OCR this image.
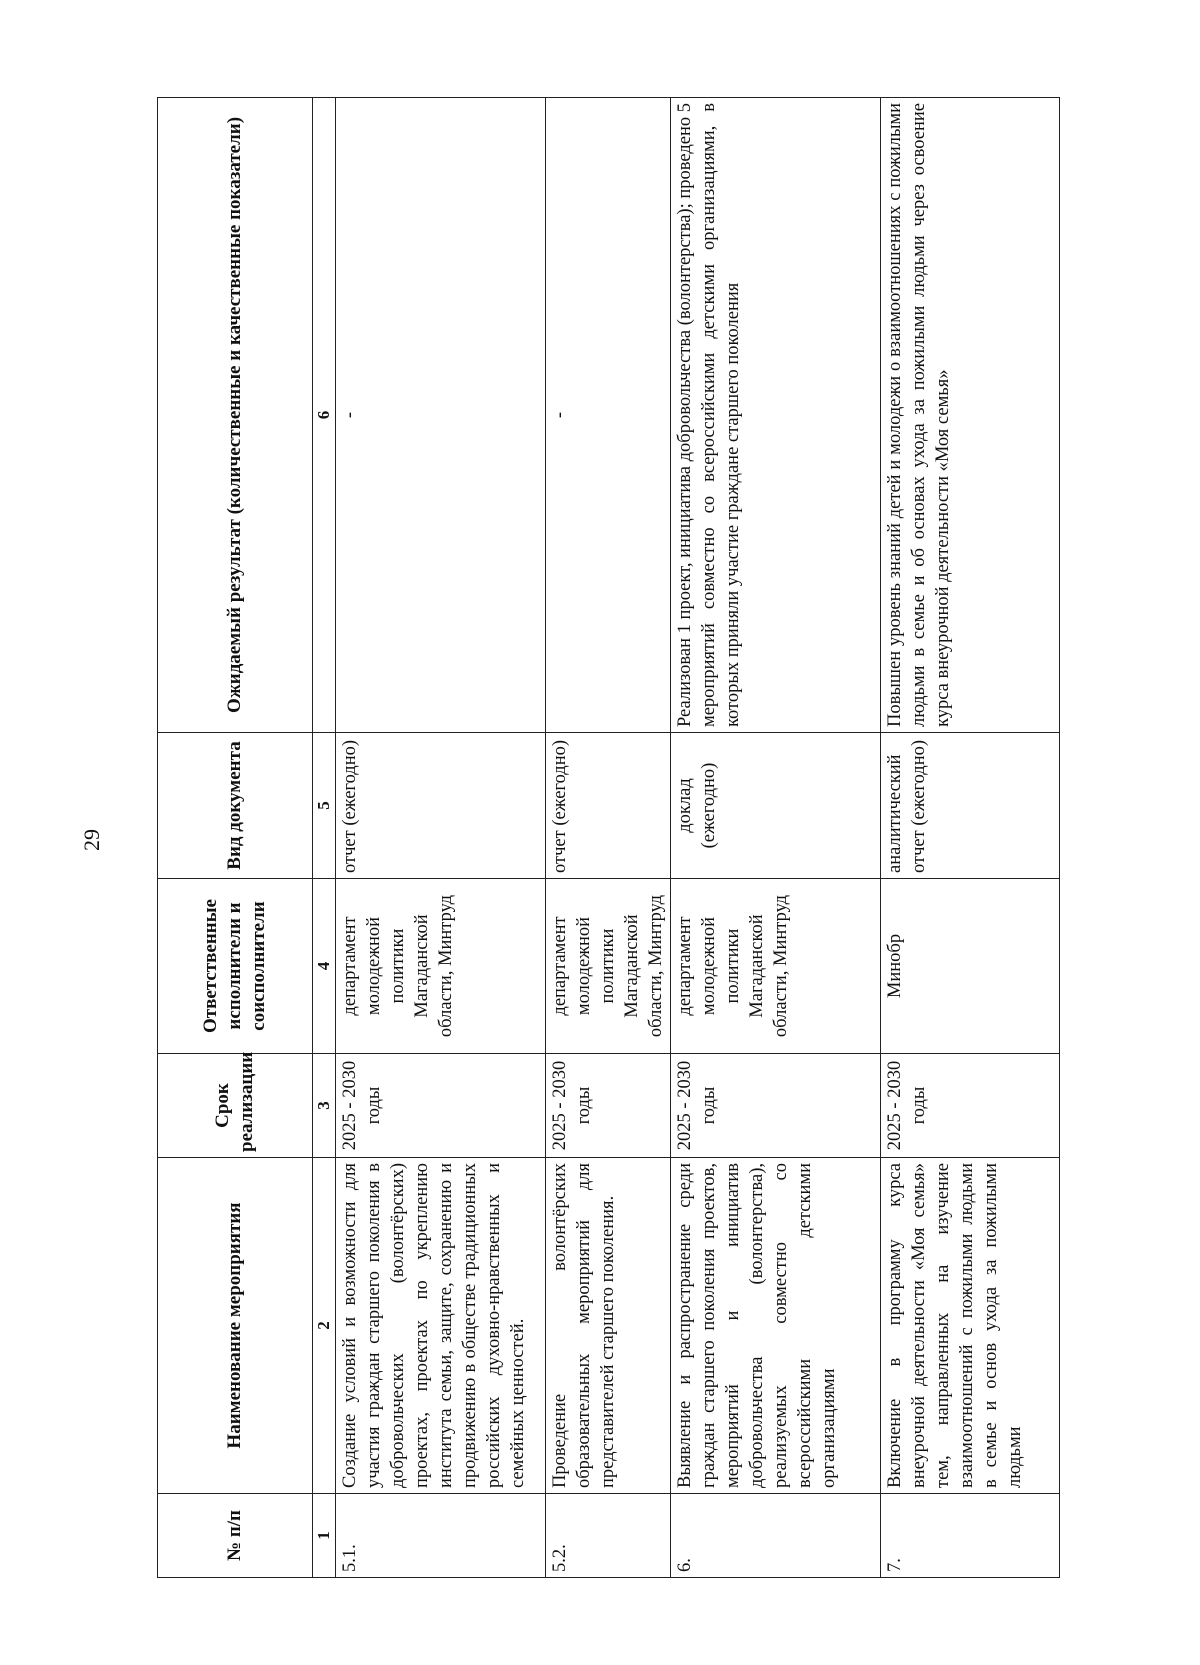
29
№ п/п	Наименование мероприятия	Срок реализации	Ответственные исполнители и соисполнители	Вид документа	Ожидаемый результат (количественные и качественные показатели)
1	2	3	4	5	6
5.1.	Создание условий и возможности для участия граждан старшего поколения в добровольческих (волонтёрских) проектах, проектах по укреплению института семьи, защите, сохранению и продвижению в обществе традиционных российских духовно-нравственных и семейных ценностей.	2025 - 2030 годы	департамент молодежной политики Магаданской области, Минтруд	отчет (ежегодно)	-
5.2.	Проведение волонтёрских образовательных мероприятий для представителей старшего поколения.	2025 - 2030 годы	департамент молодежной политики Магаданской области, Минтруд	отчет (ежегодно)	-
6.	Выявление и распространение среди граждан старшего поколения проектов, мероприятий и инициатив добровольчества (волонтерства), реализуемых совместно со всероссийскими детскими организациями	2025 - 2030 годы	департамент молодежной политики Магаданской области, Минтруд	доклад (ежегодно)	Реализован 1 проект, инициатива добровольчества (волонтерства); проведено 5 мероприятий совместно со всероссийскими детскими организациями, в которых приняли участие граждане старшего поколения
7.	Включение в программу курса внеурочной деятельности «Моя семья» тем, направленных на изучение взаимоотношений с пожилыми людьми в семье и основ ухода за пожилыми людьми	2025 - 2030 годы	Минобр	аналитический отчет (ежегодно)	Повышен уровень знаний детей и молодежи о взаимоотношениях с пожилыми людьми в семье и об основах ухода за пожилыми людьми через освоение курса внеурочной деятельности «Моя семья»
